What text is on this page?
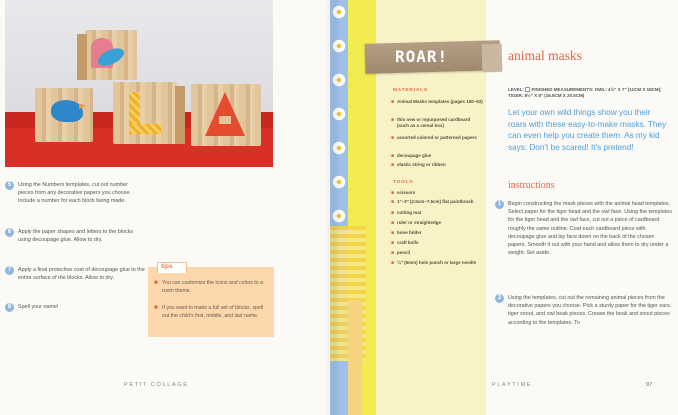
5	Using the Numbers templates, cut out number pieces from any decorative papers you choose. Include a number for each block being made.
6	Apply the paper shapes and letters to the blocks using decoupage glue. Allow to dry.
7	Apply a final protective coat of decoupage glue to the entire surface of the blocks. Allow to dry.
8	Spell your name!
tips
■ You can customize the icons and colors to a room theme.
■ If you want to make a full set of blocks, spell out the child's first, middle, and last name.
PETIT COLLAGE
ROAR!	animal masks
MATERIALS
■ Animal Masks templates (pages 150–53)
■ thin new or repurposed cardboard (such as a cereal box)
■ assorted colored or patterned papers
■ decoupage glue
■ elastic string or ribbon
TOOLS
■ scissors
■ 1"–3" (2.5cm–7.5cm) flat paintbrush
■ cutting mat
■ ruler or straightedge
■ bone folder
■ craft knife
■ pencil
■ ¼" (6mm) hole punch or large needle
LEVEL: FINISHED MEASUREMENTS: OWL: 4½" X 7" (11CM X 18CM); TIGER: 8½" X 8" (16.5CM X 20.5CM)
Let your own wild things show you their roars with these easy-to-make masks. They can even help you create them. As my kid says: Don't be scared! It's pretend!
instructions
1	Begin constructing the mask pieces with the animal head templates. Select paper for the tiger head and the owl face. Using the templates for the tiger head and the owl face, cut out a piece of cardboard roughly the same outline. Coat each cardboard piece with decoupage glue and lay face down on the back of the chosen papers. Smooth it out with your hand and allow them to dry under a weight. Set aside.
2	Using the templates, cut out the remaining animal pieces from the decorative papers you choose. Pick a sturdy paper for the tiger ears, tiger snout, and owl beak pieces. Crease the beak and snout pieces according to the templates. To
PLAYTIME	97
